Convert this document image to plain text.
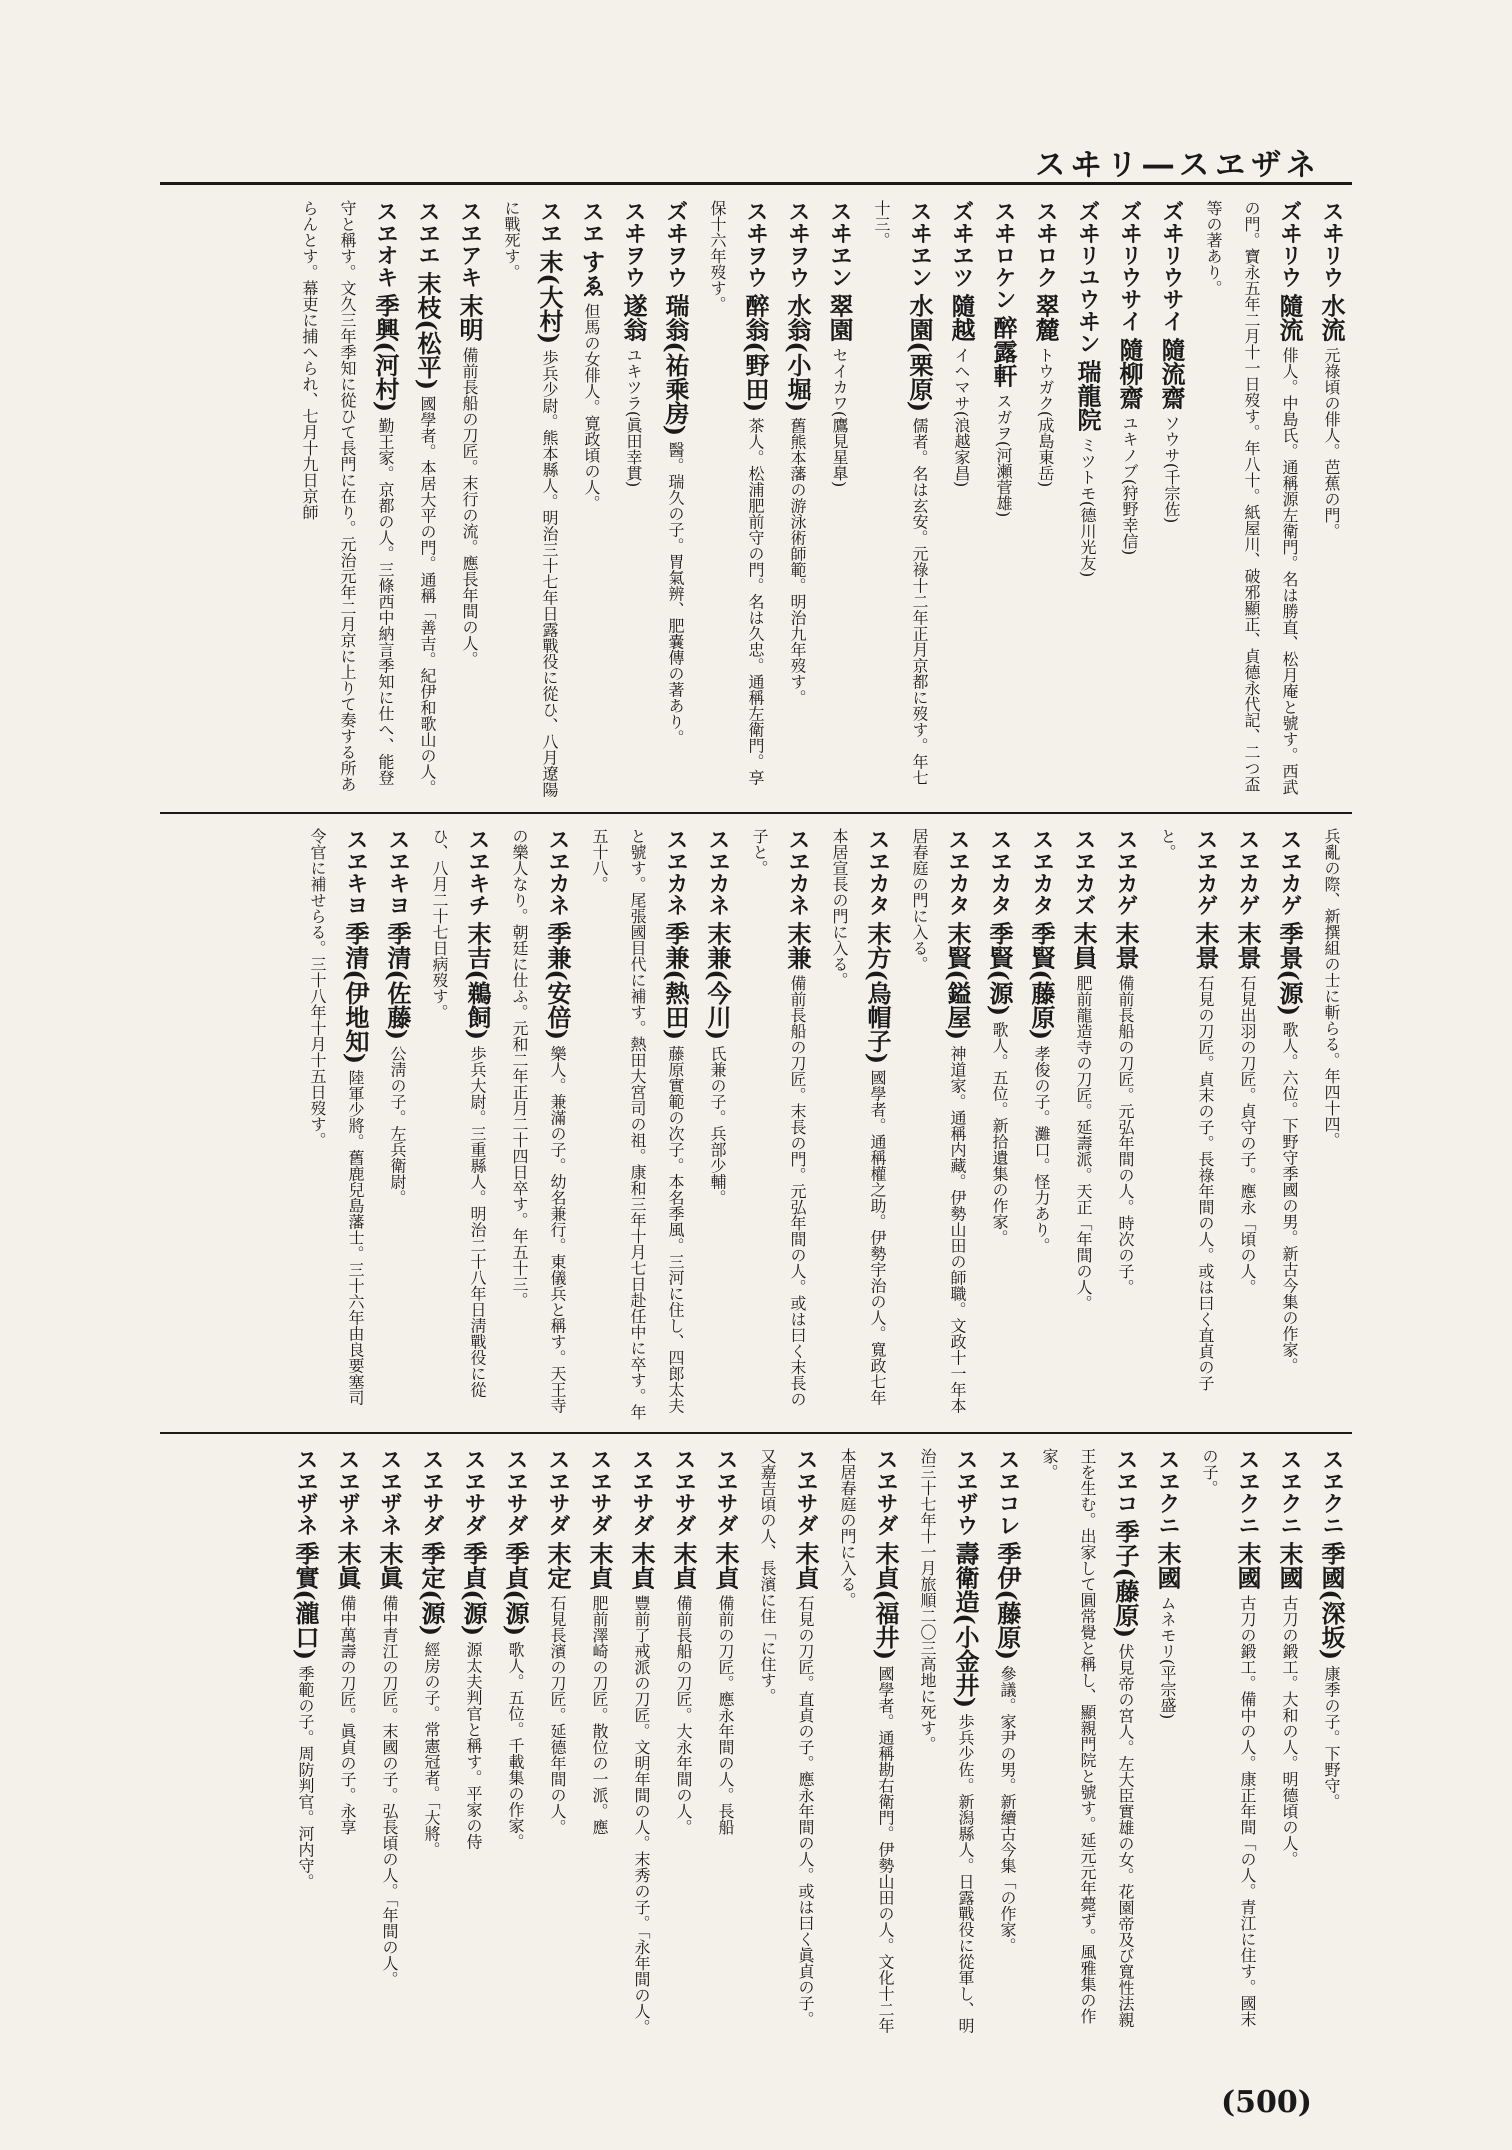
スヰリ―スヱザネ
スヰリウ 水流 元祿頃の俳人。芭蕉の門。
ズヰリウ 隨流 俳人。中島氏。通稱源左衛門。名は勝直、松月庵と號す。西武の門。寶永五年二月十一日歿す。年八十。紙屋川、破邪顯正、貞德永代記、二つ盃等の著あり。
ズヰリウサイ 隨流齋 ソウサ(千宗佐)
ズヰリウサイ 隨柳齋 ユキノブ(狩野幸信)
ズヰリユウヰン 瑞龍院 ミツトモ(德川光友)
スヰロク 翠麓 トウガク(成島東岳)
スヰロケン 醉露軒 スガヲ(河瀬菅雄)
ズヰヱツ 隨越 イヘマサ(浪越家昌)
スヰヱン 水園(栗原) 儒者。名は玄安。元祿十二年正月京都に歿す。年七十三。
スヰヱン 翠園 セイカワ(鷹見星臯)
スヰヲウ 水翁(小堀) 舊熊本藩の游泳術師範。明治九年歿す。
スヰヲウ 醉翁(野田) 茶人。松浦肥前守の門。名は久忠。通稱左衛門。享保十六年歿す。
ズヰヲウ 瑞翁(祐乘房) 醫。瑞久の子。胃氣辨、肥嚢傳の著あり。
スヰヲウ 遂翁 ユキツラ(眞田幸貫)
スヱ すゑ 但馬の女俳人。寛政頃の人。
スヱ 末(大村) 歩兵少尉。熊本縣人。明治三十七年日露戰役に從ひ、八月遼陽に戰死す。
スヱアキ 末明 備前長船の刀匠。末行の流。應長年間の人。
スヱエ 末枝(松平) 國學者。本居大平の門。通稱「善吉。紀伊和歌山の人。
スヱオキ 季興(河村) 勤王家。京都の人。三條西中納言季知に仕へ、能登守と稱す。文久三年季知に從ひて長門に在り。元治元年二月京に上りて奏する所あらんとす。幕吏に捕へられ、七月十九日京師
兵亂の際、新撰組の士に斬らる。年四十四。
スヱカゲ 季景(源) 歌人。六位。下野守季國の男。新古今集の作家。
スヱカゲ 末景 石見出羽の刀匠。貞守の子。應永「頃の人。
スヱカゲ 末景 石見の刀匠。貞末の子。長祿年間の人。或は曰く直貞の子と。
スヱカゲ 末景 備前長船の刀匠。元弘年間の人。時次の子。
スヱカズ 末員 肥前龍造寺の刀匠。延壽派。天正「年間の人。
スヱカタ 季賢(藤原) 孝俊の子。灘口。怪力あり。
スヱカタ 季賢(源) 歌人。五位。新拾遺集の作家。
スヱカタ 末賢(鎰屋) 神道家。通稱内藏。伊勢山田の師職。文政十一年本居春庭の門に入る。
スヱカタ 末方(烏帽子) 國學者。通稱權之助。伊勢宇治の人。寬政七年本居宣長の門に入る。
スヱカネ 末兼 備前長船の刀匠。末長の門。元弘年間の人。或は曰く末長の子と。
スヱカネ 末兼(今川) 氏兼の子。兵部少輔。
スヱカネ 季兼(熱田) 藤原實範の次子。本名季風。三河に住し、四郎太夫と號す。尾張國目代に補す。熱田大宮司の祖。康和三年十月七日赴任中に卒す。年五十八。
スヱカネ 季兼(安倍) 樂人。兼滿の子。幼名兼行。東儀兵と稱す。天王寺の樂人なり。朝廷に仕ふ。元和二年正月二十四日卒す。年五十三。
スヱキチ 末吉(鵜飼) 歩兵大尉。三重縣人。明治二十八年日淸戰役に從ひ、八月二十七日病歿す。
スヱキヨ 季清(佐藤) 公淸の子。左兵衛尉。
スヱキヨ 季清(伊地知) 陸軍少將。舊鹿兒島藩士。三十六年由良要塞司令官に補せらる。三十八年十月十五日歿す。
スヱクニ 季國(深坂) 康季の子。下野守。
スヱクニ 末國 古刀の鍛工。大和の人。明德頃の人。
スヱクニ 末國 古刀の鍛工。備中の人。康正年間「の人。青江に住す。國末の子。
スヱクニ 末國 ムネモリ(平宗盛)
スヱコ 季子(藤原) 伏見帝の宮人。左大臣實雄の女。花園帝及び寬性法親王を生む。出家して圓常覺と稱し、顯親門院と號す。延元元年薨ず。風雅集の作家。
スヱコレ 季伊(藤原) 參議。家尹の男。新續古今集「の作家。
スヱザウ 壽衛造(小金井) 歩兵少佐。新潟縣人。日露戰役に從軍し、明治三十七年十一月旅順二〇三高地に死す。
スヱサダ 末貞(福井) 國學者。通稱勘右衛門。伊勢山田の人。文化十二年本居春庭の門に入る。
スヱサダ 末貞 石見の刀匠。直貞の子。應永年間の人。或は曰く眞貞の子。又嘉吉頃の人、長濱に住「に住す。
スヱサダ 末貞 備前の刀匠。應永年間の人。長船
スヱサダ 末貞 備前長船の刀匠。大永年間の人。
スヱサダ 末貞 豐前了戒派の刀匠。文明年間の人。末秀の子。「永年間の人。
スヱサダ 末貞 肥前澤崎の刀匠。散位の一派。應
スヱサダ 末定 石見長濱の刀匠。延德年間の人。
スヱサダ 季貞(源) 歌人。五位。千載集の作家。
スヱサダ 季貞(源) 源太夫判官と稱す。平家の侍
スヱサダ 季定(源) 經房の子。常憲冠者。「大將。
スヱザネ 末眞 備中青江の刀匠。末國の子。弘長頃の人。「年間の人。
スヱザネ 末眞 備中萬壽の刀匠。眞貞の子。永享
スヱザネ 季實(瀧口) 季範の子。周防判官。河内守。
(500)
